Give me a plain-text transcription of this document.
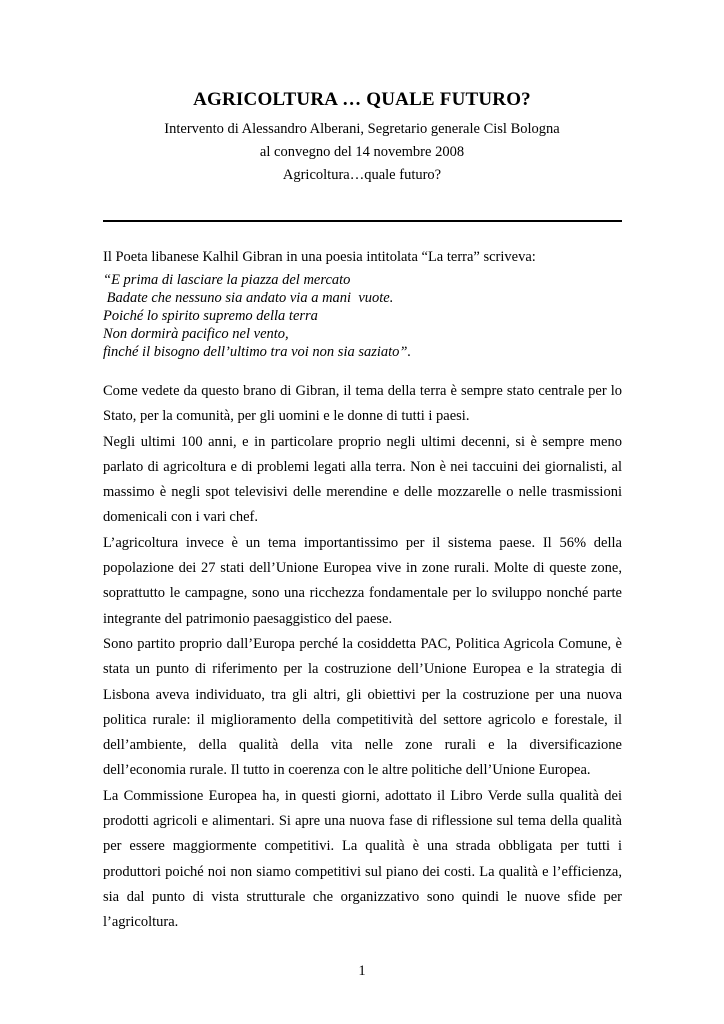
AGRICOLTURA … QUALE FUTURO?

Intervento di Alessandro Alberani, Segretario generale Cisl Bologna

al convegno del 14 novembre 2008

Agricoltura…quale futuro?

Il Poeta libanese Kalhil Gibran in una poesia intitolata “La terra” scriveva:

“E prima di lasciare la piazza del mercato
Badate che nessuno sia andato via a mani  vuote.
Poiché lo spirito supremo della terra
Non dormirà pacifico nel vento,
finché il bisogno dell’ultimo tra voi non sia saziato”.

Come vedete da questo brano di Gibran, il tema della terra è sempre stato centrale per lo Stato, per la comunità, per gli uomini e le donne di tutti i paesi.

Negli ultimi 100 anni, e in particolare proprio negli ultimi decenni, si è sempre meno parlato di agricoltura e di problemi legati alla terra. Non è nei taccuini dei giornalisti, al massimo è negli spot televisivi delle merendine e delle mozzarelle o nelle trasmissioni domenicali con i vari chef.

L’agricoltura invece è un tema importantissimo per il sistema paese. Il 56% della popolazione dei 27 stati dell’Unione Europea vive in zone rurali. Molte di queste zone, soprattutto le campagne, sono una ricchezza fondamentale per lo sviluppo nonché parte integrante del patrimonio paesaggistico del paese.

Sono partito proprio dall’Europa perché la cosiddetta PAC, Politica Agricola Comune, è stata un punto di riferimento per la costruzione dell’Unione Europea e la strategia di Lisbona aveva individuato, tra gli altri, gli obiettivi per la costruzione per una nuova politica rurale: il miglioramento della competitività del settore agricolo e forestale, il dell’ambiente, della qualità della vita nelle zone rurali e la diversificazione dell’economia rurale. Il tutto in coerenza con le altre politiche dell’Unione Europea.

La Commissione Europea ha, in questi giorni, adottato il Libro Verde sulla qualità dei prodotti agricoli e alimentari. Si apre una nuova fase di riflessione sul tema della qualità per essere maggiormente competitivi. La qualità è una strada obbligata per tutti i produttori poiché noi non siamo competitivi sul piano dei costi. La qualità e l’efficienza, sia dal punto di vista strutturale che organizzativo sono quindi le nuove sfide per l’agricoltura.

1
